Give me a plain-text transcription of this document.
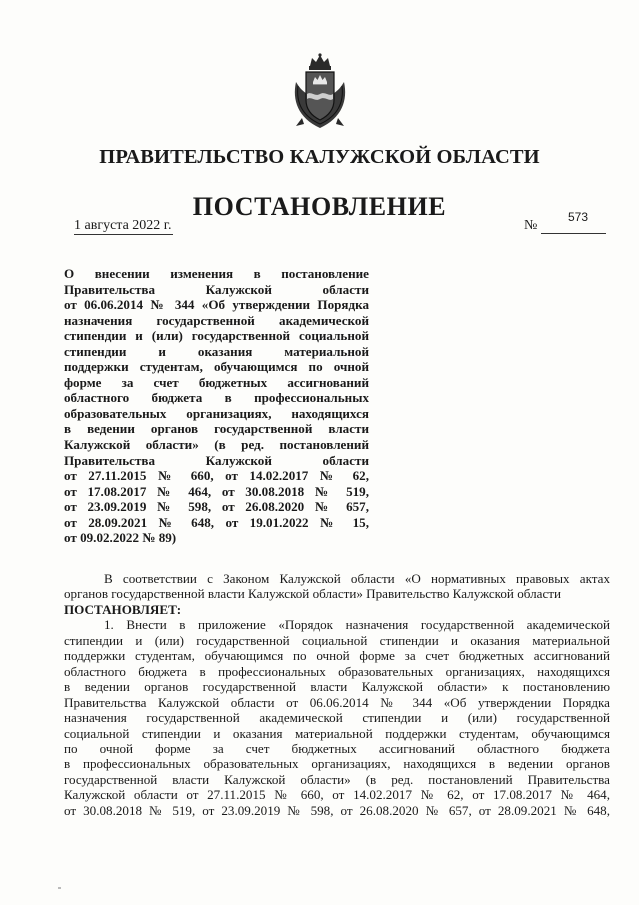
ПРАВИТЕЛЬСТВО КАЛУЖСКОЙ ОБЛАСТИ
ПОСТАНОВЛЕНИЕ
1 августа 2022 г.	№
573
О внесении изменения в постановление
Правительства Калужской области
от 06.06.2014 № 344 «Об утверждении Порядка
назначения государственной академической
стипендии и (или) государственной социальной
стипендии и оказания материальной
поддержки студентам, обучающимся по очной
форме за счет бюджетных ассигнований
областного бюджета в профессиональных
образовательных организациях, находящихся
в ведении органов государственной власти
Калужской области» (в ред. постановлений
Правительства Калужской области
от 27.11.2015 № 660, от 14.02.2017 № 62,
от 17.08.2017 № 464, от 30.08.2018 № 519,
от 23.09.2019 № 598, от 26.08.2020 № 657,
от 28.09.2021 № 648, от 19.01.2022 № 15,
от 09.02.2022 № 89)
В соответствии с Законом Калужской области «О нормативных правовых актах
органов государственной власти Калужской области» Правительство Калужской области
ПОСТАНОВЛЯЕТ:
1. Внести в приложение «Порядок назначения государственной академической
стипендии и (или) государственной социальной стипендии и оказания материальной
поддержки студентам, обучающимся по очной форме за счет бюджетных ассигнований
областного бюджета в профессиональных образовательных организациях, находящихся
в ведении органов государственной власти Калужской области» к постановлению
Правительства Калужской области от 06.06.2014 № 344 «Об утверждении Порядка
назначения государственной академической стипендии и (или) государственной
социальной стипендии и оказания материальной поддержки студентам, обучающимся
по очной форме за счет бюджетных ассигнований областного бюджета
в профессиональных образовательных организациях, находящихся в ведении органов
государственной власти Калужской области» (в ред. постановлений Правительства
Калужской области от 27.11.2015 № 660, от 14.02.2017 № 62, от 17.08.2017 № 464,
от 30.08.2018 № 519, от 23.09.2019 № 598, от 26.08.2020 № 657, от 28.09.2021 № 648,
